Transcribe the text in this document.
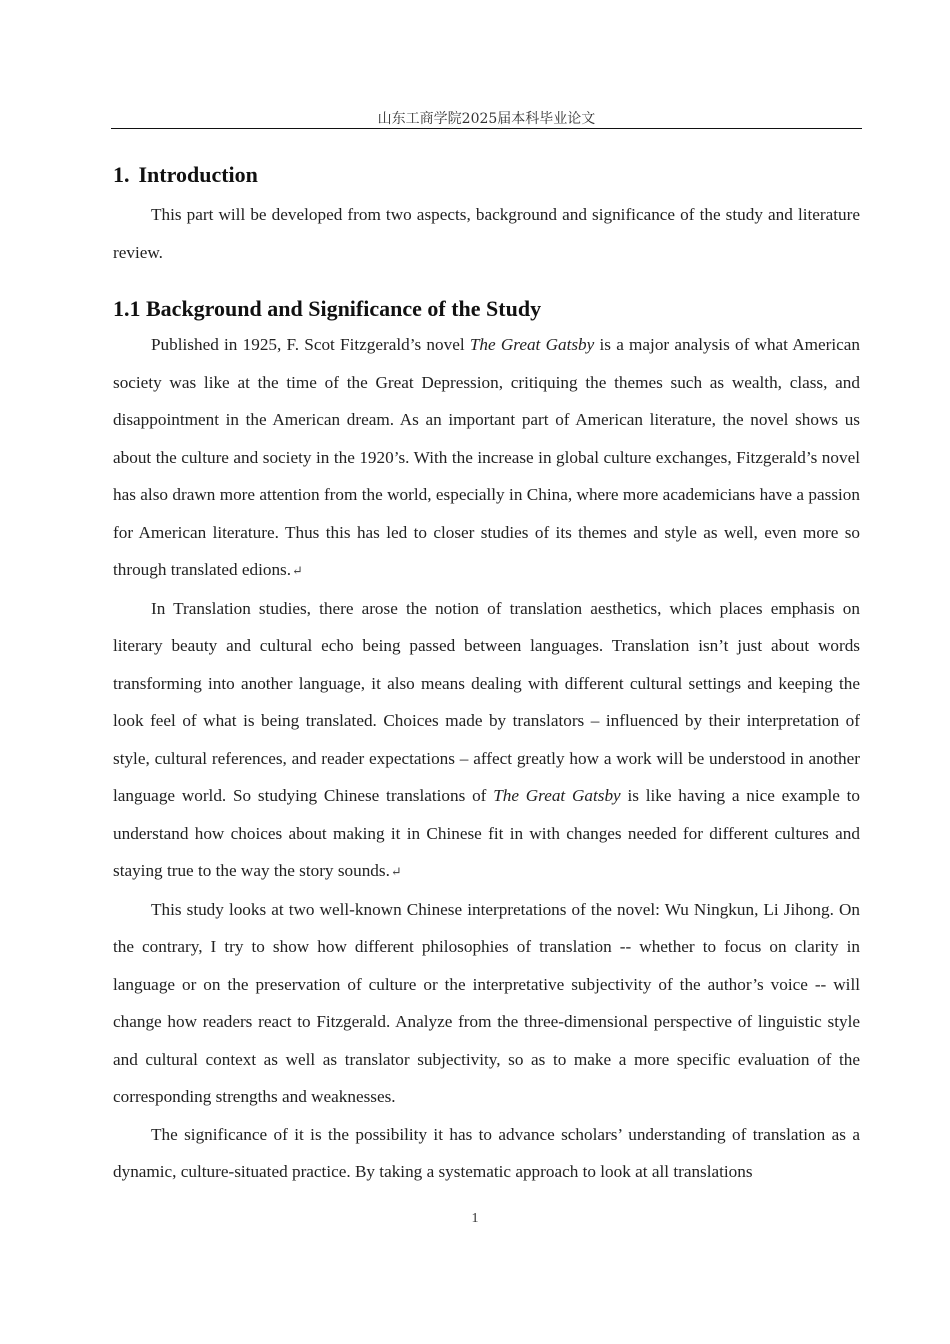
山东工商学院2025届本科毕业论文
1. Introduction

This part will be developed from two aspects, background and significance of the study and literature review.

1.1 Background and Significance of the Study

Published in 1925, F. Scot Fitzgerald’s novel The Great Gatsby is a major analysis of what American society was like at the time of the Great Depression, critiquing the themes such as wealth, class, and disappointment in the American dream. As an important part of American literature, the novel shows us about the culture and society in the 1920’s. With the increase in global culture exchanges, Fitzgerald’s novel has also drawn more attention from the world, especially in China, where more academicians have a passion for American literature. Thus this has led to closer studies of its themes and style as well, even more so through translated edions.↵

In Translation studies, there arose the notion of translation aesthetics, which places emphasis on literary beauty and cultural echo being passed between languages. Translation isn’t just about words transforming into another language, it also means dealing with different cultural settings and keeping the look feel of what is being translated. Choices made by translators – influenced by their interpretation of style, cultural references, and reader expectations – affect greatly how a work will be understood in another language world. So studying Chinese translations of The Great Gatsby is like having a nice example to understand how choices about making it in Chinese fit in with changes needed for different cultures and staying true to the way the story sounds.↵

This study looks at two well-known Chinese interpretations of the novel: Wu Ningkun, Li Jihong. On the contrary, I try to show how different philosophies of translation -- whether to focus on clarity in language or on the preservation of culture or the interpretative subjectivity of the author’s voice -- will change how readers react to Fitzgerald. Analyze from the three-dimensional perspective of linguistic style and cultural context as well as translator subjectivity, so as to make a more specific evaluation of the corresponding strengths and weaknesses.

The significance of it is the possibility it has to advance scholars’ understanding of translation as a dynamic, culture-situated practice. By taking a systematic approach to look at all translations

1
